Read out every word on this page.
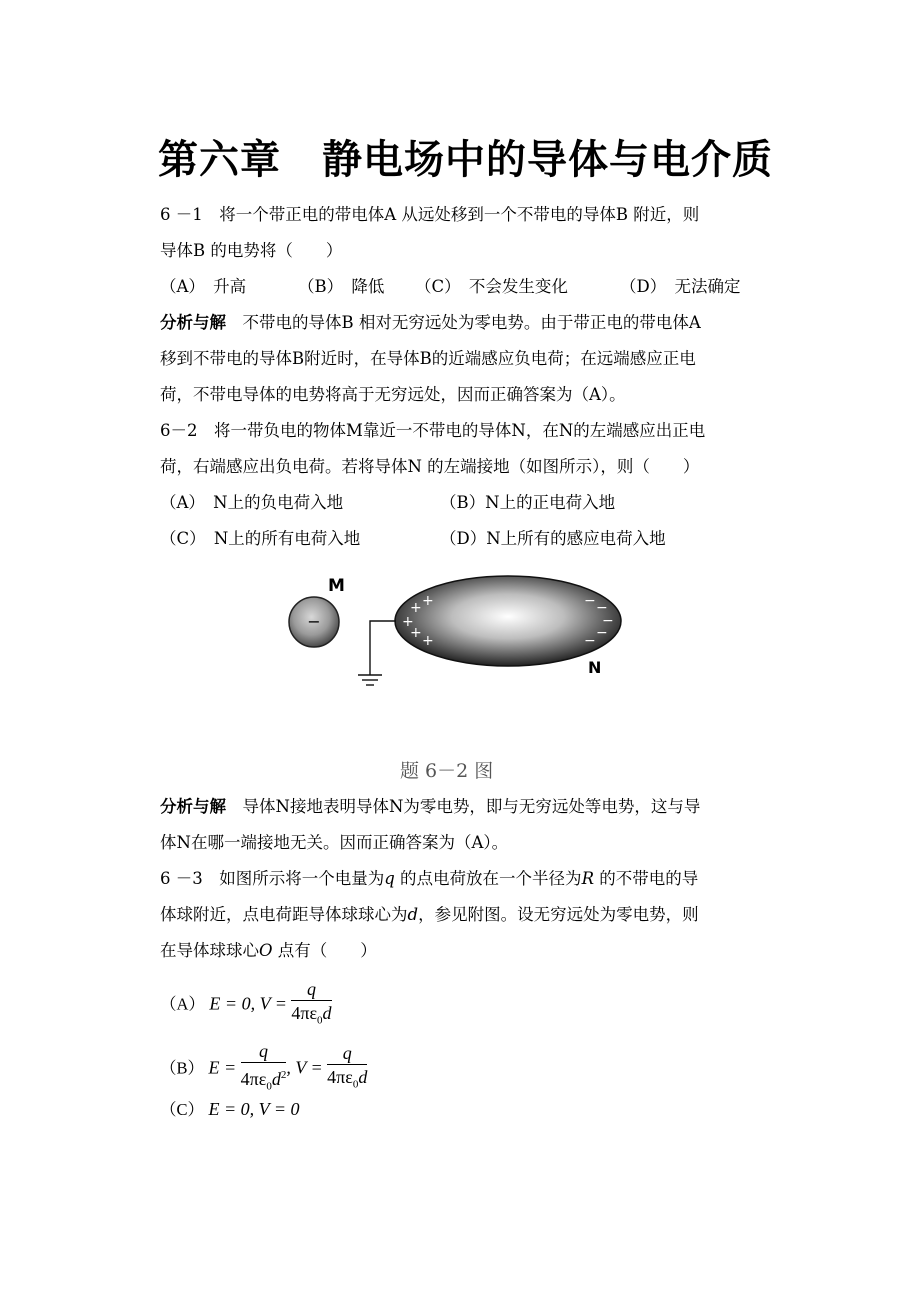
第六章　静电场中的导体与电介质
6 －1　将一个带正电的带电体A 从远处移到一个不带电的导体B 附近，则
导体B 的电势将（　　）
（A）　升高	（B）　降低 （C）　不会发生变化	（D）　无法确定
分析与解　不带电的导体B 相对无穷远处为零电势。由于带正电的带电体A
移到不带电的导体B附近时，在导体B的近端感应负电荷；在远端感应正电
荷，不带电导体的电势将高于无穷远处，因而正确答案为（A）。
6－2　将一带负电的物体M靠近一不带电的导体N，在N的左端感应出正电
荷，右端感应出负电荷。若将导体N 的左端接地（如图所示），则（　　）
（A）　N上的负电荷入地	（B）N上的正电荷入地
（C）　N上的所有电荷入地	（D）N上所有的感应电荷入地
−
M
N
+ +
+
+ +
− −
−
−
−
题 6－2 图
分析与解　导体N接地表明导体N为零电势，即与无穷远处等电势，这与导
体N在哪一端接地无关。因而正确答案为（A）。
6 －3　如图所示将一个电量为q 的点电荷放在一个半径为R 的不带电的导
体球附近，点电荷距导体球球心为d，参见附图。设无穷远处为零电势，则
在导体球球心O 点有（　　）
（A） E = 0, $V = \frac{q}{4\pi\varepsilon_0d}$
（B） $E = \frac{q}{4\pi\varepsilon_0d^2}$ , $V = \frac{q}{4\pi\varepsilon_0d}$
（C） E = 0, V = 0
